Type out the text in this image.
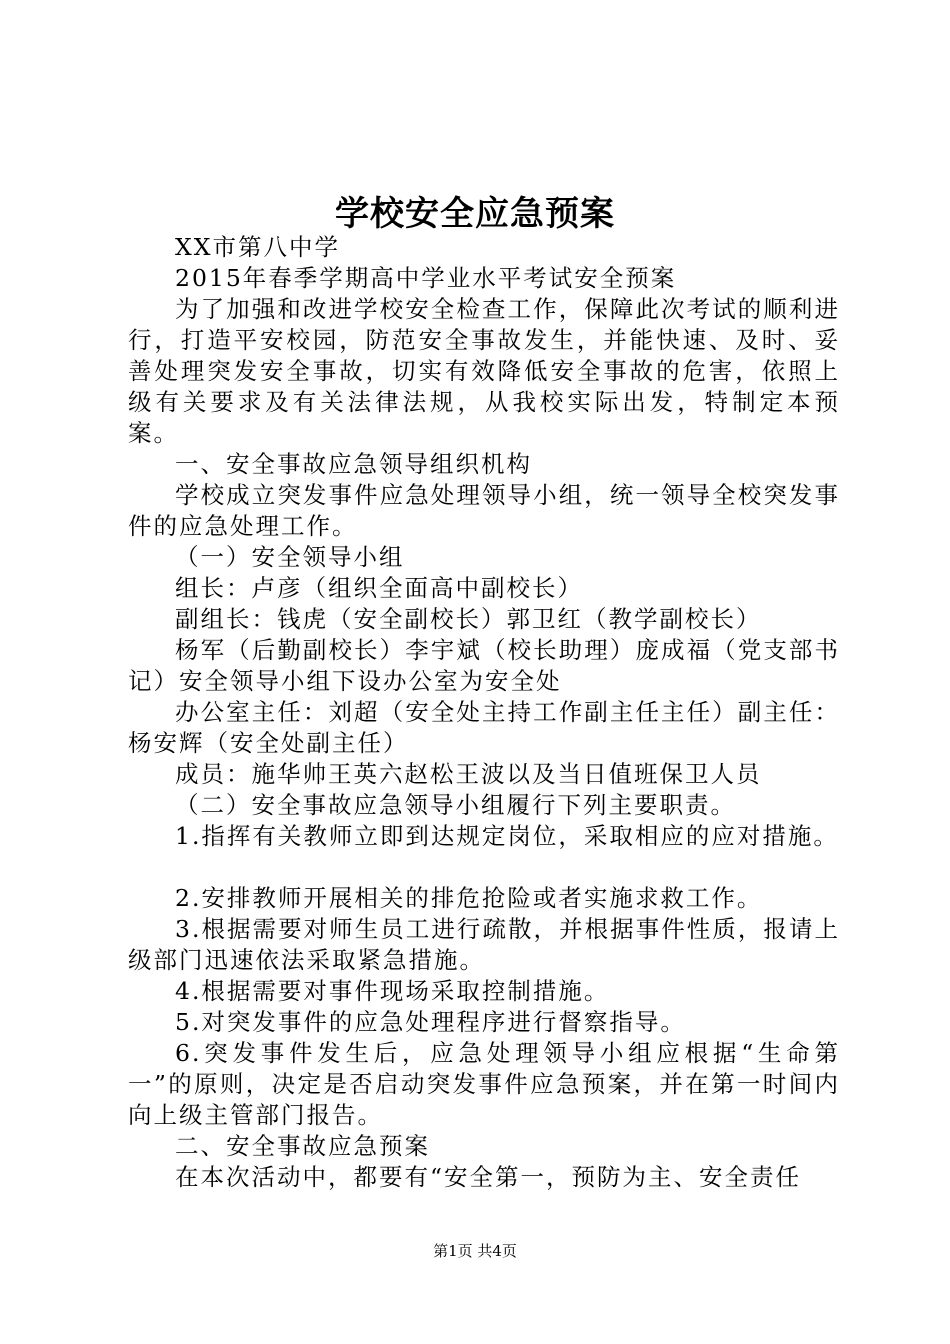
学校安全应急预案

XX市第八中学

2015年春季学期高中学业水平考试安全预案

为了加强和改进学校安全检查工作，保障此次考试的顺利进行，打造平安校园，防范安全事故发生，并能快速、及时、妥善处理突发安全事故，切实有效降低安全事故的危害，依照上级有关要求及有关法律法规，从我校实际出发，特制定本预案。

一、安全事故应急领导组织机构

学校成立突发事件应急处理领导小组，统一领导全校突发事件的应急处理工作。

（一）安全领导小组

组长：卢彦（组织全面高中副校长）

副组长：钱虎（安全副校长）郭卫红（教学副校长）

杨军（后勤副校长）李宇斌（校长助理）庞成福（党支部书记）安全领导小组下设办公室为安全处

办公室主任：刘超（安全处主持工作副主任主任）副主任：杨安辉（安全处副主任）

成员：施华帅王英六赵松王波以及当日值班保卫人员

（二）安全事故应急领导小组履行下列主要职责。

1.指挥有关教师立即到达规定岗位，采取相应的应对措施。

2.安排教师开展相关的排危抢险或者实施求救工作。

3.根据需要对师生员工进行疏散，并根据事件性质，报请上级部门迅速依法采取紧急措施。

4.根据需要对事件现场采取控制措施。

5.对突发事件的应急处理程序进行督察指导。

6.突发事件发生后，应急处理领导小组应根据“生命第一”的原则，决定是否启动突发事件应急预案，并在第一时间内向上级主管部门报告。

二、安全事故应急预案

在本次活动中，都要有“安全第一，预防为主、安全责任

第1页 共4页
